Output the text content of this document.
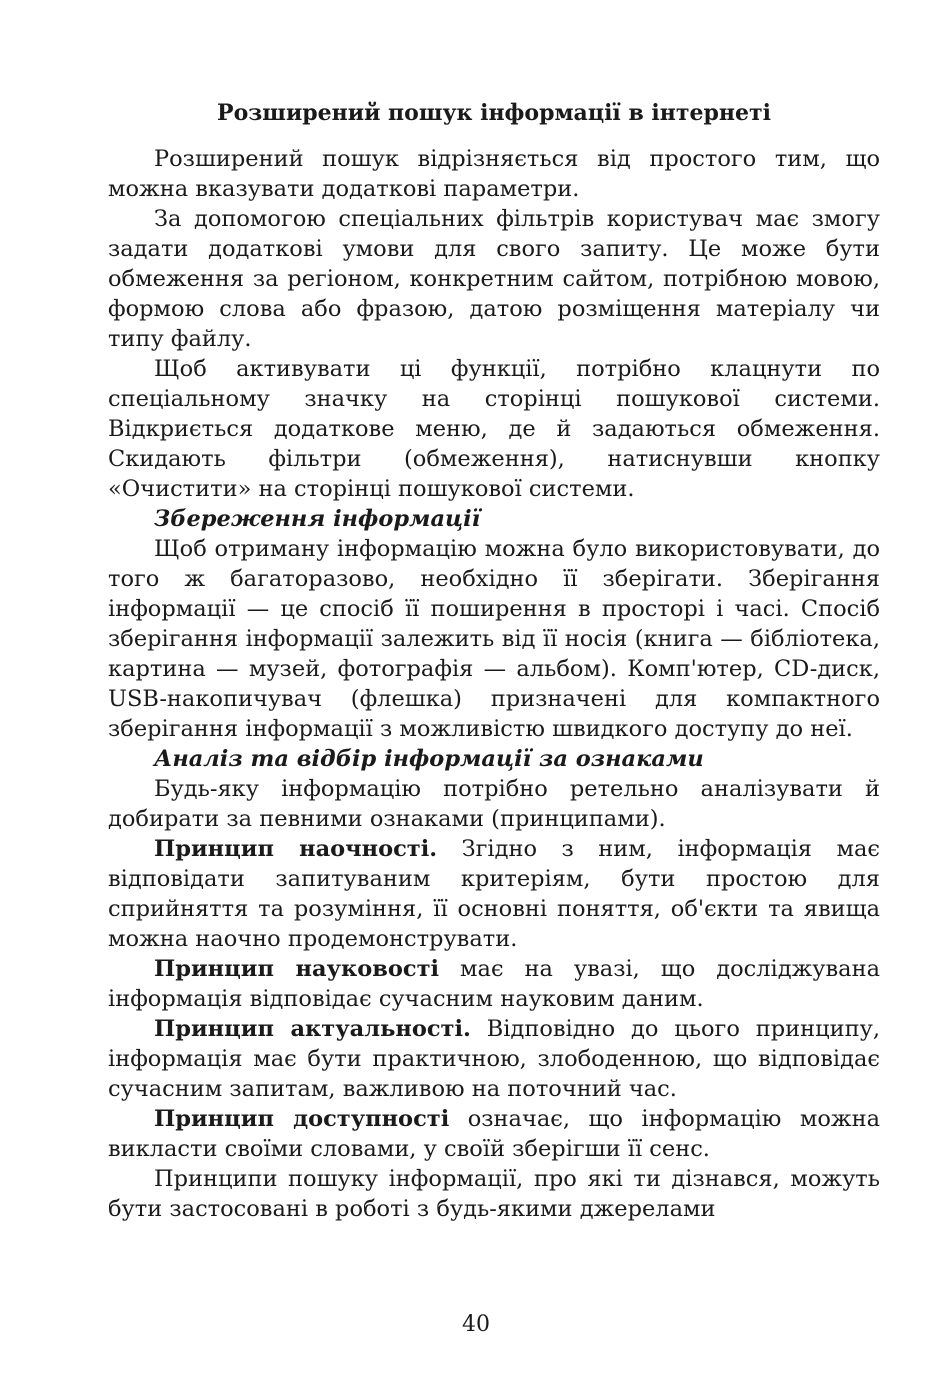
Розширений пошук інформації в інтернеті

Розширений пошук відрізняється від простого тим, що можна вказувати додаткові параметри.

За допомогою спеціальних фільтрів користувач має змогу задати додаткові умови для свого запиту. Це може бути обмеження за регіоном, конкретним сайтом, потрібною мовою, формою слова або фразою, датою розміщення матеріалу чи типу файлу.

Щоб активувати ці функції, потрібно клацнути по спеціальному значку на сторінці пошукової системи. Відкриється додаткове меню, де й задаються обмеження. Скидають фільтри (обмеження), натиснувши кнопку «Очистити» на сторінці пошукової системи.

Збереження інформації

Щоб отриману інформацію можна було використовувати, до того ж багаторазово, необхідно її зберігати. Зберігання інформації — це спосіб її поширення в просторі і часі. Спосіб зберігання інформації залежить від її носія (книга — бібліотека, картина — музей, фотографія — альбом). Комп'ютер, CD-диск, USB-накопичувач (флешка) призначені для компактного зберігання інформації з можливістю швидкого доступу до неї.

Аналіз та відбір інформації за ознаками

Будь-яку інформацію потрібно ретельно аналізувати й добирати за певними ознаками (принципами).

Принцип наочності. Згідно з ним, інформація має відповідати запитуваним критеріям, бути простою для сприйняття та розуміння, її основні поняття, об'єкти та явища можна наочно продемонструвати.

Принцип науковості має на увазі, що досліджувана інформація відповідає сучасним науковим даним.

Принцип актуальності. Відповідно до цього принципу, інформація має бути практичною, злободенною, що відповідає сучасним запитам, важливою на поточний час.

Принцип доступності означає, що інформацію можна викласти своїми словами, у своїй зберігши її сенс.

Принципи пошуку інформації, про які ти дізнався, можуть бути застосовані в роботі з будь-якими джерелами

40
